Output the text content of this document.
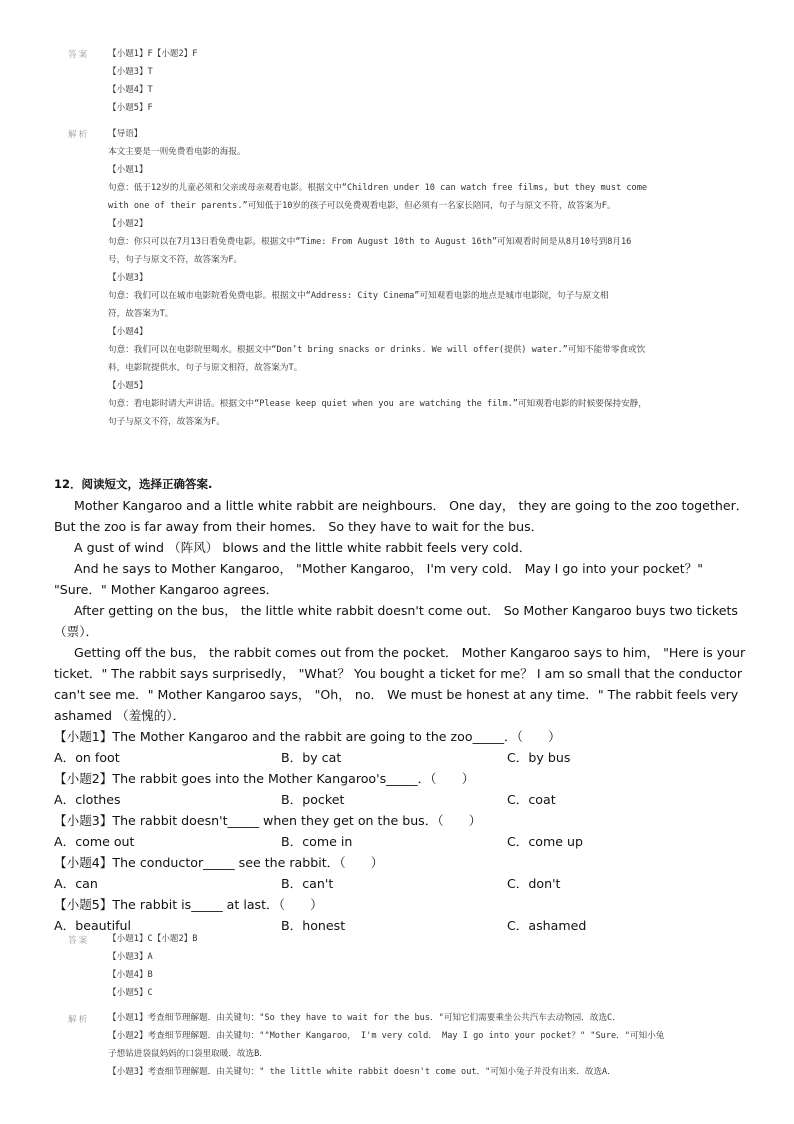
答案 【小题1】F【小题2】F
【小题3】T
【小题4】T
【小题5】F
解析 【导语】
本文主要是一则免费看电影的海报。
【小题1】
句意：低于12岁的儿童必须和父亲或母亲观看电影。根据文中“Children under 10 can watch free films, but they must come
with one of their parents.”可知低于10岁的孩子可以免费观看电影，但必须有一名家长陪同，句子与原文不符，故答案为F。
【小题2】
句意：你只可以在7月13日看免费电影。根据文中“Time: From August 10th to August 16th”可知观看时间是从8月10号到8月16
号，句子与原文不符，故答案为F。
【小题3】
句意：我们可以在城市电影院看免费电影。根据文中“Address: City Cinema”可知观看电影的地点是城市电影院，句子与原文相
符，故答案为T。
【小题4】
句意：我们可以在电影院里喝水。根据文中“Don’t bring snacks or drinks. We will offer(提供) water.”可知不能带零食或饮
料，电影院提供水，句子与原文相符，故答案为T。
【小题5】
句意：看电影时请大声讲话。根据文中“Please keep quiet when you are watching the film.”可知观看电影的时候要保持安静，
句子与原文不符，故答案为F。
12．阅读短文，选择正确答案.
Mother Kangaroo and a little white rabbit are neighbours． One day， they are going to the zoo together． But the zoo is far away from their homes． So they have to wait for the bus．
A gust of wind （阵风） blows and the little white rabbit feels very cold．
And he says to Mother Kangaroo， "Mother Kangaroo， I'm very cold． May I go into your pocket？" "Sure．" Mother Kangaroo agrees．
After getting on the bus， the little white rabbit doesn't come out． So Mother Kangaroo buys two tickets （票）．
Getting off the bus， the rabbit comes out from the pocket． Mother Kangaroo says to him， "Here is your ticket．" The rabbit says surprisedly， "What？ You bought a ticket for me？ I am so small that the conductor can't see me．" Mother Kangaroo says， "Oh， no． We must be honest at any time．" The rabbit feels very ashamed （羞愧的）．
【小题1】The Mother Kangaroo and the rabbit are going to the zoo_____．（　　）
A．on foot	B．by cat	C．by bus
【小题2】The rabbit goes into the Mother Kangaroo's_____．（　　）
A．clothes	B．pocket	C．coat
【小题3】The rabbit doesn't_____ when they get on the bus．（　　）
A．come out	B．come in	C．come up
【小题4】The conductor_____ see the rabbit．（　　）
A．can	B．can't	C．don't
【小题5】The rabbit is_____ at last．（　　）
A．beautiful	B．honest	C．ashamed
答案 【小题1】C【小题2】B
【小题3】A
【小题4】B
【小题5】C
解析 【小题1】考查细节理解题．由关键句："So they have to wait for the bus．"可知它们需要乘坐公共汽车去动物园．故选C．
【小题2】考查细节理解题．由关键句：""Mother Kangaroo， I'm very cold． May I go into your pocket？" "Sure．"可知小兔
子想钻进袋鼠妈妈的口袋里取暖．故选B．
【小题3】考查细节理解题．由关键句：" the little white rabbit doesn't come out．"可知小兔子并没有出来．故选A．
